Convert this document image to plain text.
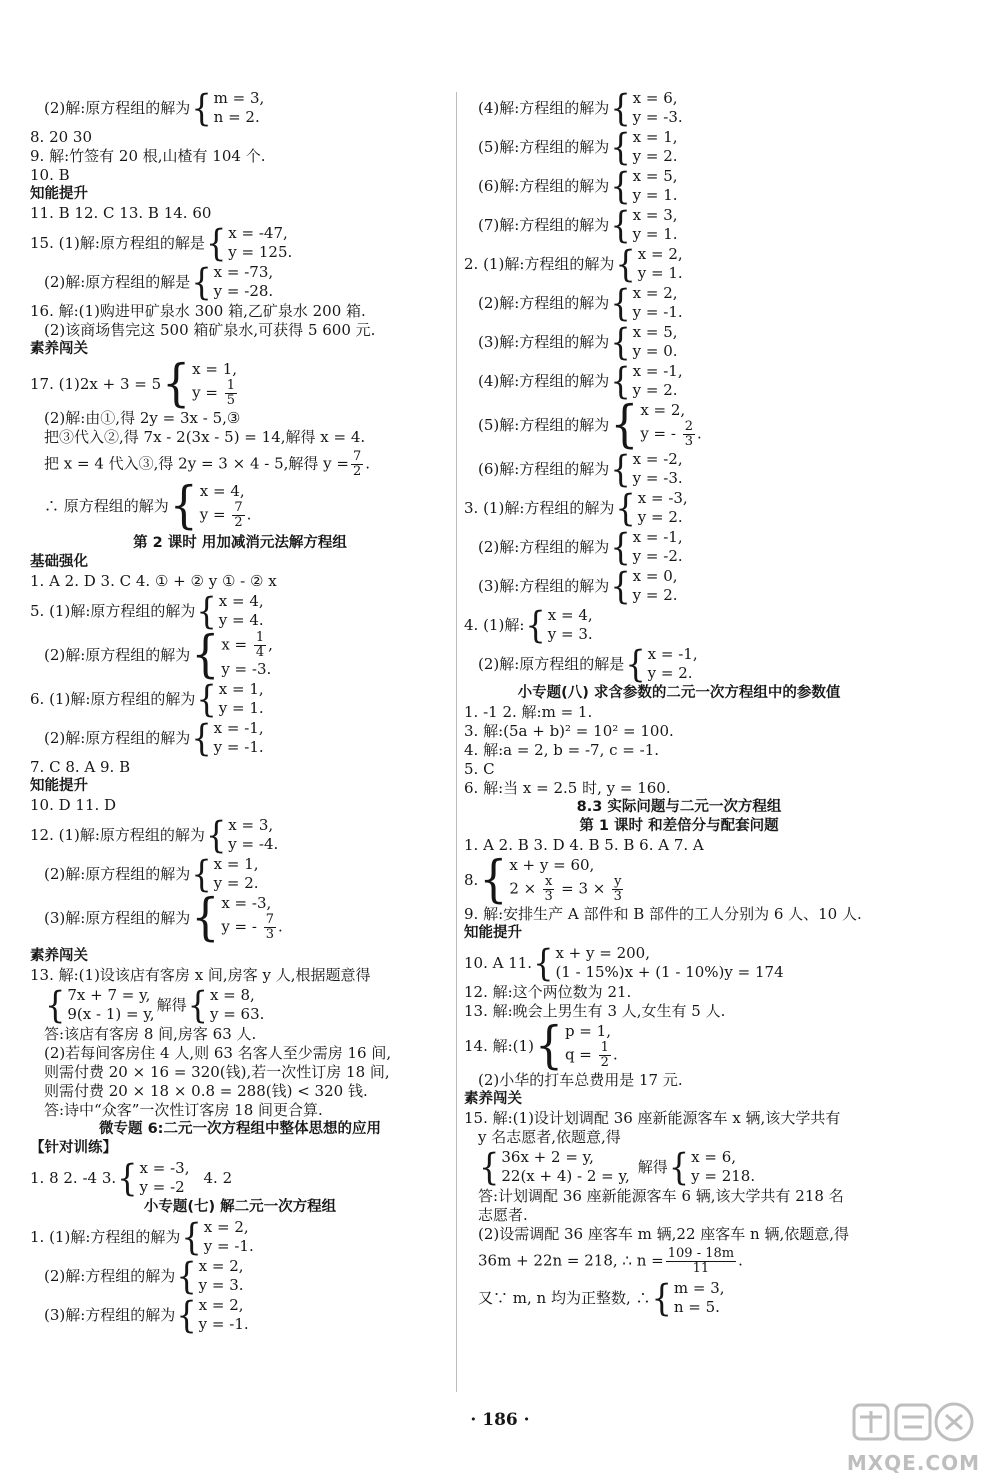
(2)解:原方程组的解为 { m = 3,
n = 2.

8. 20 30

9. 解:竹签有 20 根,山楂有 104 个.

10. B

知能提升

11. B 12. C 13. B 14. 60

15. (1)解:原方程组的解是 { x = -47,
y = 125.
(2)解:原方程组的解是 { x = -73,
y = -28.

16. 解:(1)购进甲矿泉水 300 箱,乙矿泉水 200 箱.

(2)该商场售完这 500 箱矿泉水,可获得 5 600 元.

素养闯关

17. (1)2x + 3 = 5 { x = 1,
$y = \frac{1}{5}$

(2)解:由①,得 2y = 3x - 5,③

把③代入②,得 7x - 2(3x - 5) = 14,解得 x = 4.

把 x = 4 代入③,得 2y = 3 × 4 - 5,解得 $y = \frac{7}{2}$ .

∴ 原方程组的解为 { x = 4,
$y = \frac{7}{2}$ .

第 2 课时 用加减消元法解方程组

基础强化

1. A 2. D 3. C 4. ① + ② y ① - ② x

5. (1)解:原方程组的解为 { x = 4,
y = 4.
(2)解:原方程组的解为 { $x = \frac{1}{4}$ ,
y = -3.
6. (1)解:原方程组的解为 { x = 1,
y = 1.
(2)解:原方程组的解为 { x = -1,
y = -1.

7. C 8. A 9. B

知能提升

10. D 11. D

12. (1)解:原方程组的解为 { x = 3,
y = -4.
(2)解:原方程组的解为 { x = 1,
y = 2.
(3)解:原方程组的解为 { x = -3,
y = - $\frac{7}{3}$ .

素养闯关

13. 解:(1)设该店有客房 x 间,房客 y 人,根据题意得

{ 7x + 7 = y,
9(x - 1) = y,
解得 { x = 8,
y = 63.

答:该店有客房 8 间,房客 63 人.

(2)若每间客房住 4 人,则 63 名客人至少需房 16 间,

则需付费 20 × 16 = 320(钱),若一次性订房 18 间,

则需付费 20 × 18 × 0.8 = 288(钱) < 320 钱.

答:诗中“众客”一次性订客房 18 间更合算.

微专题 6:二元一次方程组中整体思想的应用

【针对训练】

1. 8 2. -4 3. { x = -3,
y = -2
4. 2

小专题(七) 解二元一次方程组

1. (1)解:方程组的解为 { x = 2,
y = -1.
(2)解:方程组的解为 { x = 2,
y = 3.
(3)解:方程组的解为 { x = 2,
y = -1.
(4)解:方程组的解为 { x = 6,
y = -3.
(5)解:方程组的解为 { x = 1,
y = 2.
(6)解:方程组的解为 { x = 5,
y = 1.
(7)解:方程组的解为 { x = 3,
y = 1.
2. (1)解:方程组的解为 { x = 2,
y = 1.
(2)解:方程组的解为 { x = 2,
y = -1.
(3)解:方程组的解为 { x = 5,
y = 0.
(4)解:方程组的解为 { x = -1,
y = 2.
(5)解:方程组的解为 { x = 2,
y = - $\frac{2}{3}$ .
(6)解:方程组的解为 { x = -2,
y = -3.
3. (1)解:方程组的解为 { x = -3,
y = 2.
(2)解:方程组的解为 { x = -1,
y = -2.
(3)解:方程组的解为 { x = 0,
y = 2.
4. (1)解: { x = 4,
y = 3.
(2)解:原方程组的解是 { x = -1,
y = 2.

小专题(八) 求含参数的二元一次方程组中的参数值

1. -1 2. 解:m = 1.

3. 解:(5a + b)² = 10² = 100.

4. 解:a = 2, b = -7, c = -1.

5. C

6. 解:当 x = 2.5 时, y = 160.

8.3 实际问题与二元一次方程组

第 1 课时 和差倍分与配套问题

1. A 2. B 3. D 4. B 5. B 6. A 7. A

8. { x + y = 60,
$2 \times \frac{x}{3} = 3 \times \frac{y}{3}$

9. 解:安排生产 A 部件和 B 部件的工人分别为 6 人、10 人.

知能提升

10. A 11. { x + y = 200,
(1 - 15%)x + (1 - 10%)y = 174

12. 解:这个两位数为 21.

13. 解:晚会上男生有 3 人,女生有 5 人.

14. 解:(1) { p = 1,
$q = \frac{1}{2}$ .

(2)小华的打车总费用是 17 元.

素养闯关

15. 解:(1)设计划调配 36 座新能源客车 x 辆,该大学共有

y 名志愿者,依题意,得

{ 36x + 2 = y,
22(x + 4) - 2 = y,
解得 { x = 6,
y = 218.

答:计划调配 36 座新能源客车 6 辆,该大学共有 218 名

志愿者.

(2)设需调配 36 座客车 m 辆,22 座客车 n 辆,依题意,得

36m + 22n = 218, ∴ $n = \frac{109 - 18m}{11}$ .

又∵ m, n 均为正整数, ∴ { m = 3,
n = 5.
· 186 ·
MXQE.COM
